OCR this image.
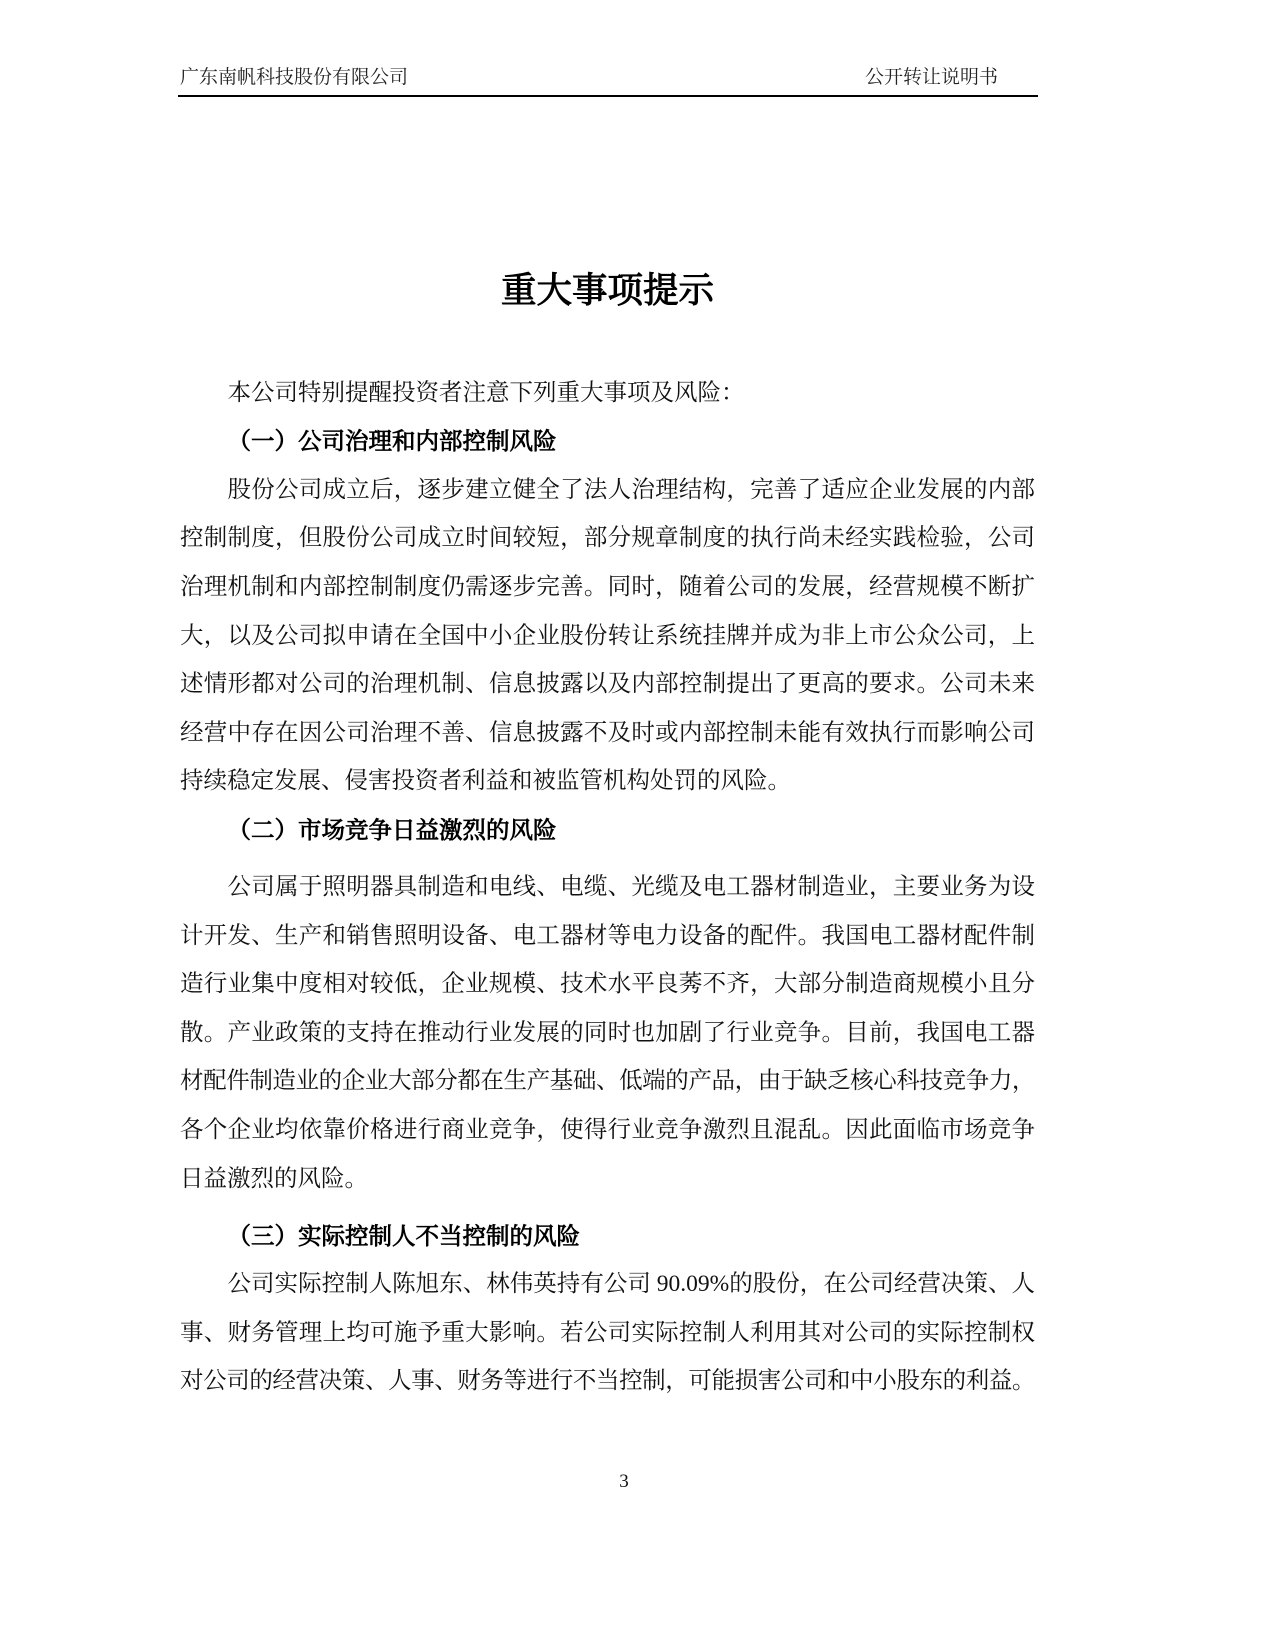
广东南帆科技股份有限公司	公开转让说明书
重大事项提示
本公司特别提醒投资者注意下列重大事项及风险：
（一）公司治理和内部控制风险
股份公司成立后，逐步建立健全了法人治理结构，完善了适应企业发展的内部
控制制度，但股份公司成立时间较短，部分规章制度的执行尚未经实践检验，公司
治理机制和内部控制制度仍需逐步完善。同时，随着公司的发展，经营规模不断扩
大，以及公司拟申请在全国中小企业股份转让系统挂牌并成为非上市公众公司，上
述情形都对公司的治理机制、信息披露以及内部控制提出了更高的要求。公司未来
经营中存在因公司治理不善、信息披露不及时或内部控制未能有效执行而影响公司
持续稳定发展、侵害投资者利益和被监管机构处罚的风险。
（二）市场竞争日益激烈的风险
公司属于照明器具制造和电线、电缆、光缆及电工器材制造业，主要业务为设
计开发、生产和销售照明设备、电工器材等电力设备的配件。我国电工器材配件制
造行业集中度相对较低，企业规模、技术水平良莠不齐，大部分制造商规模小且分
散。产业政策的支持在推动行业发展的同时也加剧了行业竞争。目前，我国电工器
材配件制造业的企业大部分都在生产基础、低端的产品，由于缺乏核心科技竞争力，
各个企业均依靠价格进行商业竞争，使得行业竞争激烈且混乱。因此面临市场竞争
日益激烈的风险。
（三）实际控制人不当控制的风险
公司实际控制人陈旭东、林伟英持有公司 90.09%的股份，在公司经营决策、人
事、财务管理上均可施予重大影响。若公司实际控制人利用其对公司的实际控制权
对公司的经营决策、人事、财务等进行不当控制，可能损害公司和中小股东的利益。
3
